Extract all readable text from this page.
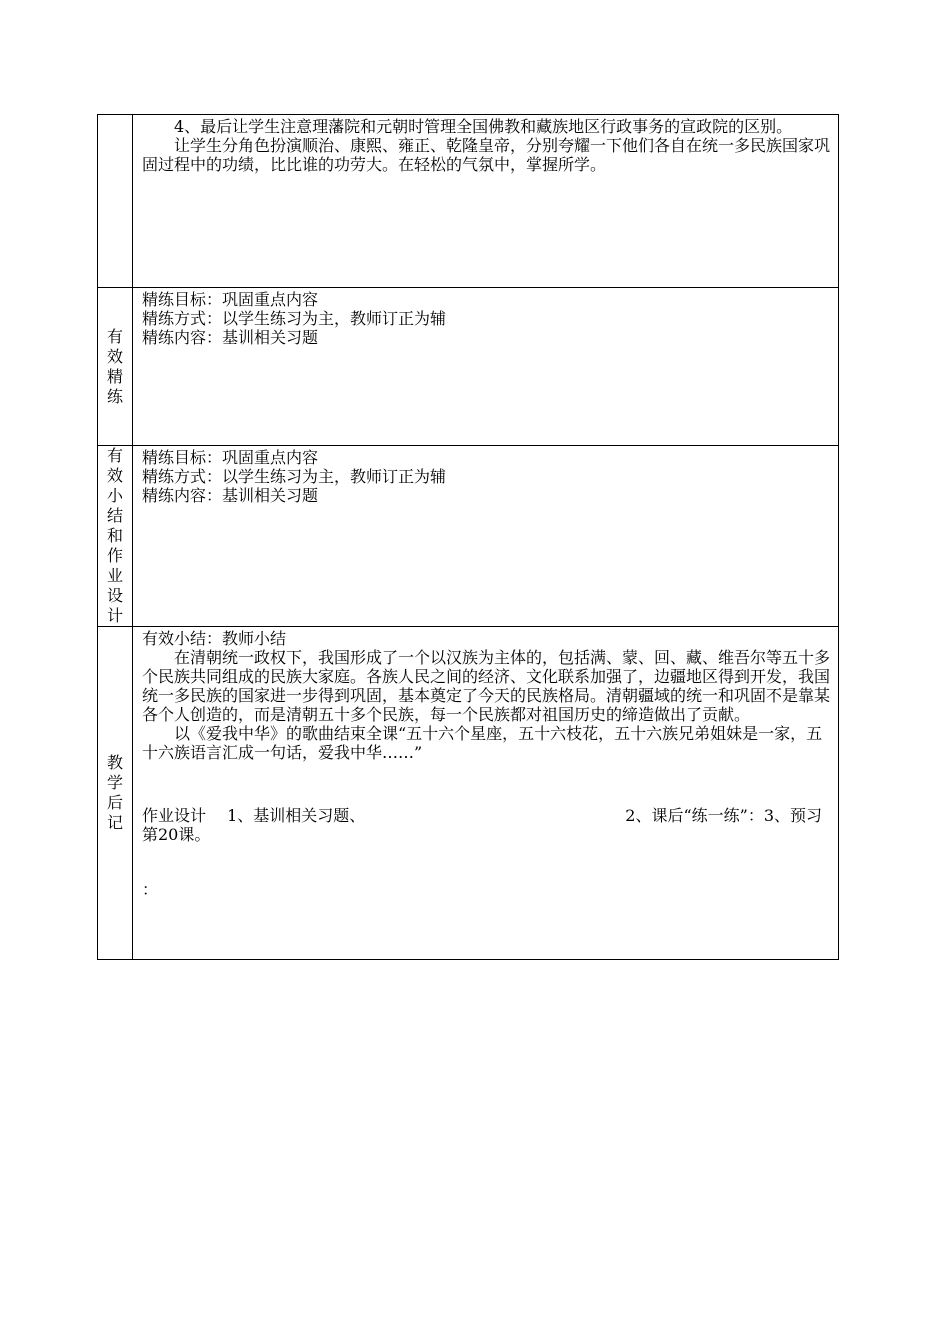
	4、最后让学生注意理藩院和元朝时管理全国佛教和藏族地区行政事务的宣政院的区别。

让学生分角色扮演顺治、康熙、雍正、乾隆皇帝，分别夸耀一下他们各自在统一多民族国家巩固过程中的功绩，比比谁的功劳大。在轻松的气氛中，掌握所学。

有效精练	精练目标：巩固重点内容

精练方式：以学生练习为主，教师订正为辅

精练内容：基训相关习题

有效小结和作业设计	精练目标：巩固重点内容

精练方式：以学生练习为主，教师订正为辅

精练内容：基训相关习题

教学后记	有效小结：教师小结

在清朝统一政权下，我国形成了一个以汉族为主体的，包括满、蒙、回、藏、维吾尔等五十多个民族共同组成的民族大家庭。各族人民之间的经济、文化联系加强了，边疆地区得到开发，我国统一多民族的国家进一步得到巩固，基本奠定了今天的民族格局。清朝疆域的统一和巩固不是靠某各个人创造的，而是清朝五十多个民族，每一个民族都对祖国历史的缔造做出了贡献。

以《爱我中华》的歌曲结束全课“五十六个星座，五十六枝花，五十六族兄弟姐妹是一家，五十六族语言汇成一句话，爱我中华……”

作业设计　 1、基训相关习题、 2、课后“练一练”：3、预习第20课。

：
